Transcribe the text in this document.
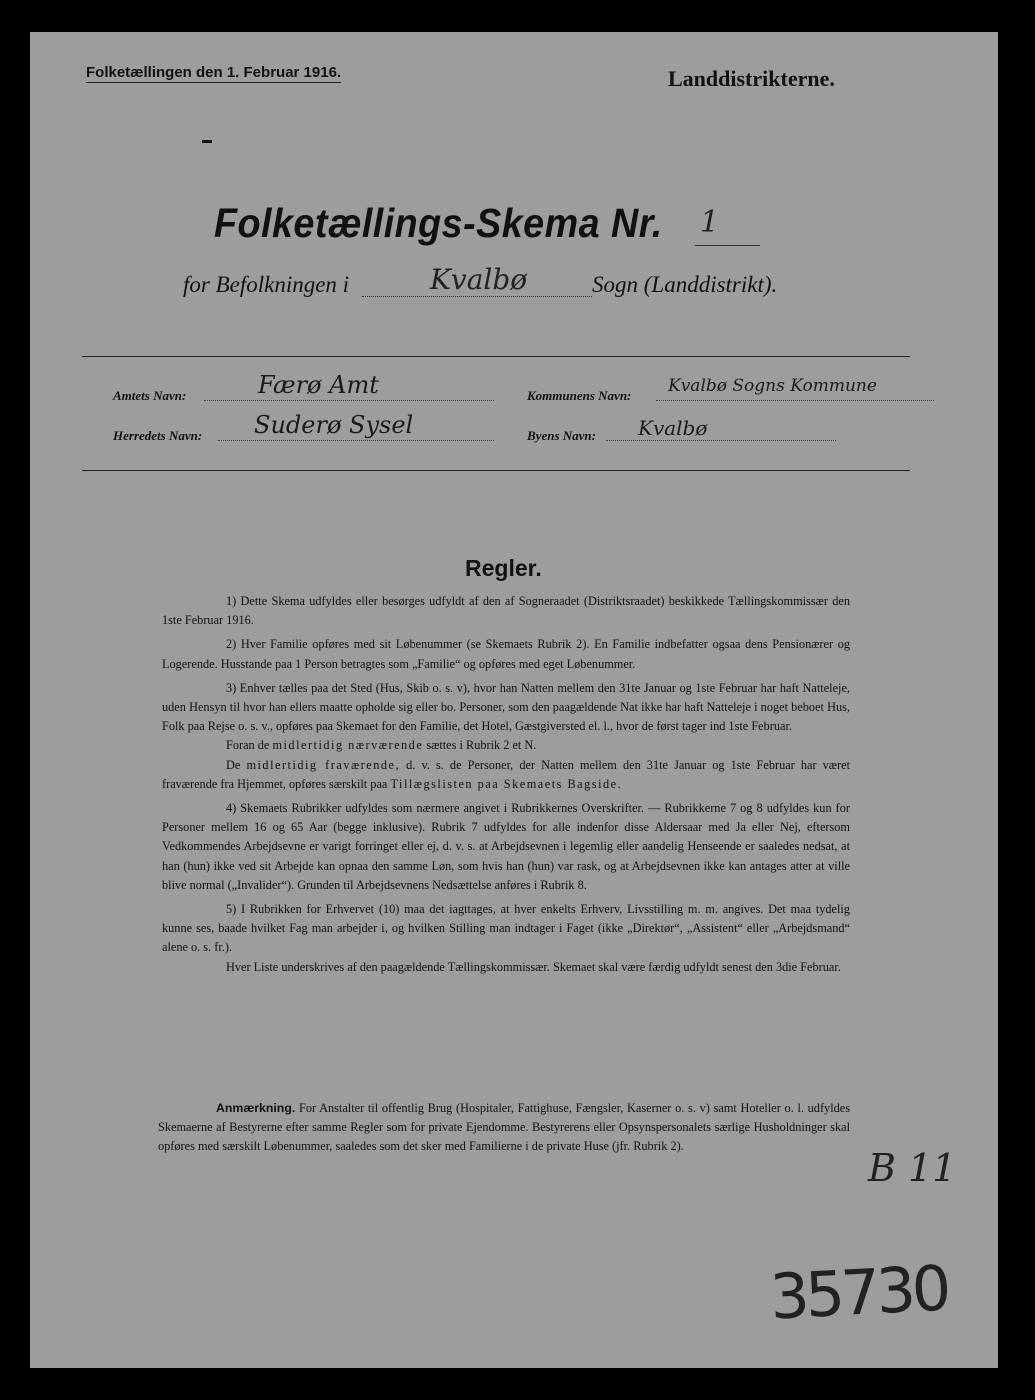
Folketællingen den 1. Februar 1916.	Landdistrikterne.
Folketællings-Skema Nr. 1
for Befolkningen i	Kvalbø	Sogn (Landdistrikt).
Amtets Navn:	Færø Amt	Kommunens Navn: Kvalbø Sogns Kommune
Herredets Navn: Suderø Sysel	Byens Navn: Kvalbø
Regler.

1) Dette Skema udfyldes eller besørges udfyldt af den af Sogneraadet (Distriktsraadet) beskikkede Tællingskommissær den 1ste Februar 1916.

2) Hver Familie opføres med sit Løbenummer (se Skemaets Rubrik 2). En Familie indbefatter ogsaa dens Pensionærer og Logerende. Husstande paa 1 Person betragtes som „Familie“ og opføres med eget Løbenummer.

3) Enhver tælles paa det Sted (Hus, Skib o. s. v), hvor han Natten mellem den 31te Januar og 1ste Februar har haft Natteleje, uden Hensyn til hvor han ellers maatte opholde sig eller bo. Personer, som den paagældende Nat ikke har haft Natteleje i noget beboet Hus, Folk paa Rejse o. s. v., opføres paa Skemaet for den Familie, det Hotel, Gæstgiversted el. l., hvor de først tager ind 1ste Februar.

Foran de midlertidig nærværende sættes i Rubrik 2 et N.

De midlertidig fraværende, d. v. s. de Personer, der Natten mellem den 31te Januar og 1ste Februar har været fraværende fra Hjemmet, opføres særskilt paa Tillægslisten paa Skemaets Bagside.

4) Skemaets Rubrikker udfyldes som nærmere angivet i Rubrikkernes Overskrifter. — Rubrikkerne 7 og 8 udfyldes kun for Personer mellem 16 og 65 Aar (begge inklusive). Rubrik 7 udfyldes for alle indenfor disse Aldersaar med Ja eller Nej, eftersom Vedkommendes Arbejdsevne er varigt forringet eller ej, d. v. s. at Arbejdsevnen i legemlig eller aandelig Henseende er saaledes nedsat, at han (hun) ikke ved sit Arbejde kan opnaa den samme Løn, som hvis han (hun) var rask, og at Arbejdsevnen ikke kan antages atter at ville blive normal („Invalider“). Grunden til Arbejdsevnens Nedsættelse anføres i Rubrik 8.

5) I Rubrikken for Erhvervet (10) maa det iagttages, at hver enkelts Erhverv, Livsstilling m. m. angives. Det maa tydelig kunne ses, baade hvilket Fag man arbejder i, og hvilken Stilling man indtager i Faget (ikke „Direktør“, „Assistent“ eller „Arbejdsmand“ alene o. s. fr.).

Hver Liste underskrives af den paagældende Tællingskommissær. Skemaet skal være færdig udfyldt senest den 3die Februar.

Anmærkning. For Anstalter til offentlig Brug (Hospitaler, Fattighuse, Fængsler, Kaserner o. s. v) samt Hoteller o. l. udfyldes Skemaerne af Bestyrerne efter samme Regler som for private Ejendomme. Bestyrerens eller Opsynspersonalets særlige Husholdninger skal opføres med særskilt Løbenummer, saaledes som det sker med Familierne i de private Huse (jfr. Rubrik 2).	B 11
35730
